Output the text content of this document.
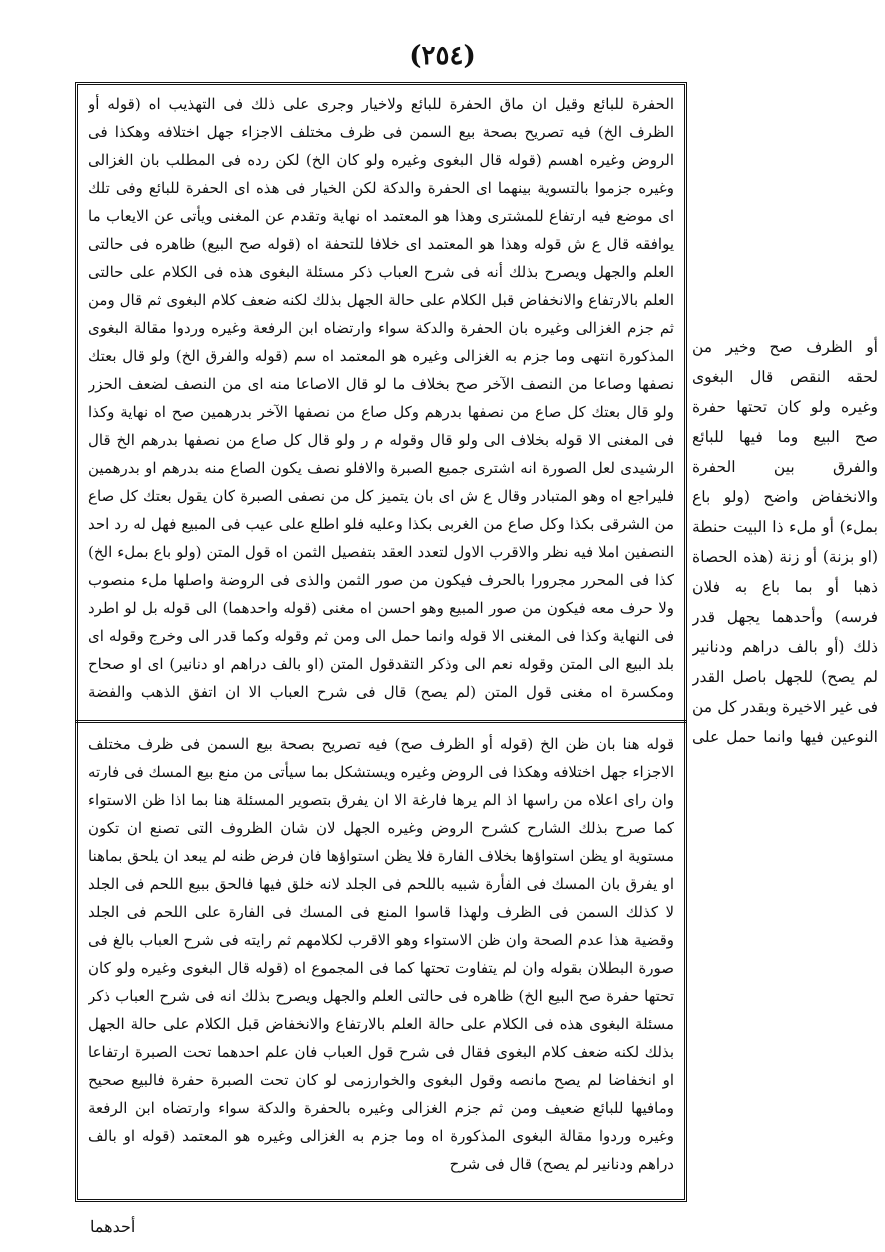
(٢٥٤)

الحفرة للبائع وقيل ان ماق الحفرة للبائع ولاخيار وجرى على ذلك فى التهذيب اه (قوله أو الظرف الخ) فيه تصريح بصحة بيع السمن فى ظرف مختلف الاجزاء جهل اختلافه وهكذا فى الروض وغيره اهسم (قوله قال البغوى وغيره ولو كان الخ) لكن رده فى المطلب بان الغزالى وغيره جزموا بالتسوية بينهما اى الحفرة والدكة لكن الخيار فى هذه اى الحفرة للبائع وفى تلك اى موضع فيه ارتفاع للمشترى وهذا هو المعتمد اه نهاية وتقدم عن المغنى ويأتى عن الايعاب ما يوافقه قال ع ش قوله وهذا هو المعتمد اى خلافا للتحفة اه (قوله صح البيع) ظاهره فى حالتى العلم والجهل ويصرح بذلك أنه فى شرح العباب ذكر مسئلة البغوى هذه فى الكلام على حالتى العلم بالارتفاع والانخفاض قبل الكلام على حالة الجهل بذلك لكنه ضعف كلام البغوى ثم قال ومن ثم جزم الغزالى وغيره بان الحفرة والدكة سواء وارتضاه ابن الرفعة وغيره وردوا مقالة البغوى المذكورة انتهى وما جزم به الغزالى وغيره هو المعتمد اه سم (قوله والفرق الخ) ولو قال بعتك نصفها وصاعا من النصف الآخر صح بخلاف ما لو قال الاصاعا منه اى من النصف لضعف الحزر ولو قال بعتك كل صاع من نصفها بدرهم وكل صاع من نصفها الآخر بدرهمين صح اه نهاية وكذا فى المغنى الا قوله بخلاف الى ولو قال وقوله م ر ولو قال كل صاع من نصفها بدرهم الخ قال الرشيدى لعل الصورة انه اشترى جميع الصبرة والافلو نصف يكون الصاع منه بدرهم او بدرهمين فليراجع اه وهو المتبادر وقال ع ش اى بان يتميز كل من نصفى الصبرة كان يقول بعتك كل صاع من الشرقى بكذا وكل صاع من الغربى بكذا وعليه فلو اطلع على عيب فى المبيع فهل له رد احد النصفين املا فيه نظر والاقرب الاول لتعدد العقد بتفصيل الثمن اه قول المتن (ولو باع بملء الخ) كذا فى المحرر مجرورا بالحرف فيكون من صور الثمن والذى فى الروضة واصلها ملء منصوب ولا حرف معه فيكون من صور المبيع وهو احسن اه مغنى (قوله واحدهما) الى قوله بل لو اطرد فى النهاية وكذا فى المغنى الا قوله وانما حمل الى ومن ثم وقوله وكما قدر الى وخرج وقوله اى بلد البيع الى المتن وقوله نعم الى وذكر التقدقول المتن (او بالف دراهم او دنانير) اى او صحاح ومكسرة اه مغنى قول المتن (لم يصح) قال فى شرح العباب الا ان اتفق الذهب والفضة

قوله هنا بان ظن الخ (قوله أو الظرف صح) فيه تصريح بصحة بيع السمن فى ظرف مختلف الاجزاء جهل اختلافه وهكذا فى الروض وغيره ويستشكل بما سيأتى من منع بيع المسك فى فارته وان راى اعلاه من راسها اذ الم يرها فارغة الا ان يفرق بتصوير المسئلة هنا بما اذا ظن الاستواء كما صرح بذلك الشارح كشرح الروض وغيره الجهل لان شان الظروف التى تصنع ان تكون مستوية او يظن استواؤها بخلاف الفارة فلا يظن استواؤها فان فرض ظنه لم يبعد ان يلحق بماهنا او يفرق بان المسك فى الفأرة شبيه باللحم فى الجلد لانه خلق فيها فالحق ببيع اللحم فى الجلد لا كذلك السمن فى الظرف ولهذا قاسوا المنع فى المسك فى الفارة على اللحم فى الجلد وقضية هذا عدم الصحة وان ظن الاستواء وهو الاقرب لكلامهم ثم رايته فى شرح العباب بالغ فى صورة البطلان بقوله وان لم يتفاوت تحتها كما فى المجموع اه (قوله قال البغوى وغيره ولو كان تحتها حفرة صح البيع الخ) ظاهره فى حالتى العلم والجهل ويصرح بذلك انه فى شرح العباب ذكر مسئلة البغوى هذه فى الكلام على حالة العلم بالارتفاع والانخفاض قبل الكلام على حالة الجهل بذلك لكنه ضعف كلام البغوى فقال فى شرح قول العباب فان علم احدهما تحت الصبرة ارتفاعا او انخفاضا لم يصح مانصه وقول البغوى والخوارزمى لو كان تحت الصبرة حفرة فالبيع صحيح ومافيها للبائع ضعيف ومن ثم جزم الغزالى وغيره بالحفرة والدكة سواء وارتضاه ابن الرفعة وغيره وردوا مقالة البغوى المذكورة اه وما جزم به الغزالى وغيره هو المعتمد (قوله او بالف دراهم ودنانير لم يصح) قال فى شرح

أو الظرف صح وخير من لحقه النقص قال البغوى وغيره ولو كان تحتها حفرة صح البيع وما فيها للبائع والفرق بين الحفرة والانخفاض واضح (ولو باع بملء) أو ملء ذا البيت حنطة (او بزنة) أو زنة (هذه الحصاة ذهبا أو بما باع به فلان فرسه) وأحدهما يجهل قدر ذلك (أو بالف دراهم ودنانير لم يصح) للجهل باصل القدر فى غير الاخيرة وبقدر كل من النوعين فيها وانما حمل على

أحدهما
